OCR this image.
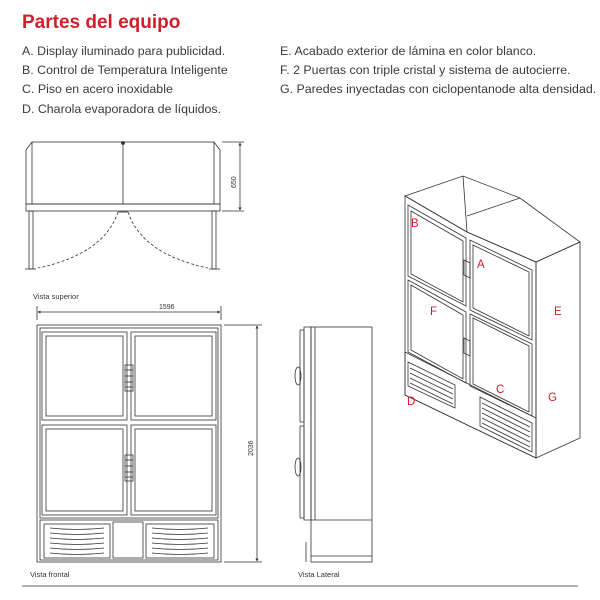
Partes del equipo
A. Display iluminado para publicidad.
B. Control de Temperatura Inteligente
C. Piso en acero inoxidable
D. Charola evaporadora de líquidos.
E. Acabado exterior de lámina en color blanco.
F. 2 Puertas con triple cristal y sistema de autocierre.
G. Paredes inyectadas con ciclopentanode alta densidad.
650
Vista superior
1596
2036
Vista frontal	Vista Lateral
B
A
F	E
C
D	G
